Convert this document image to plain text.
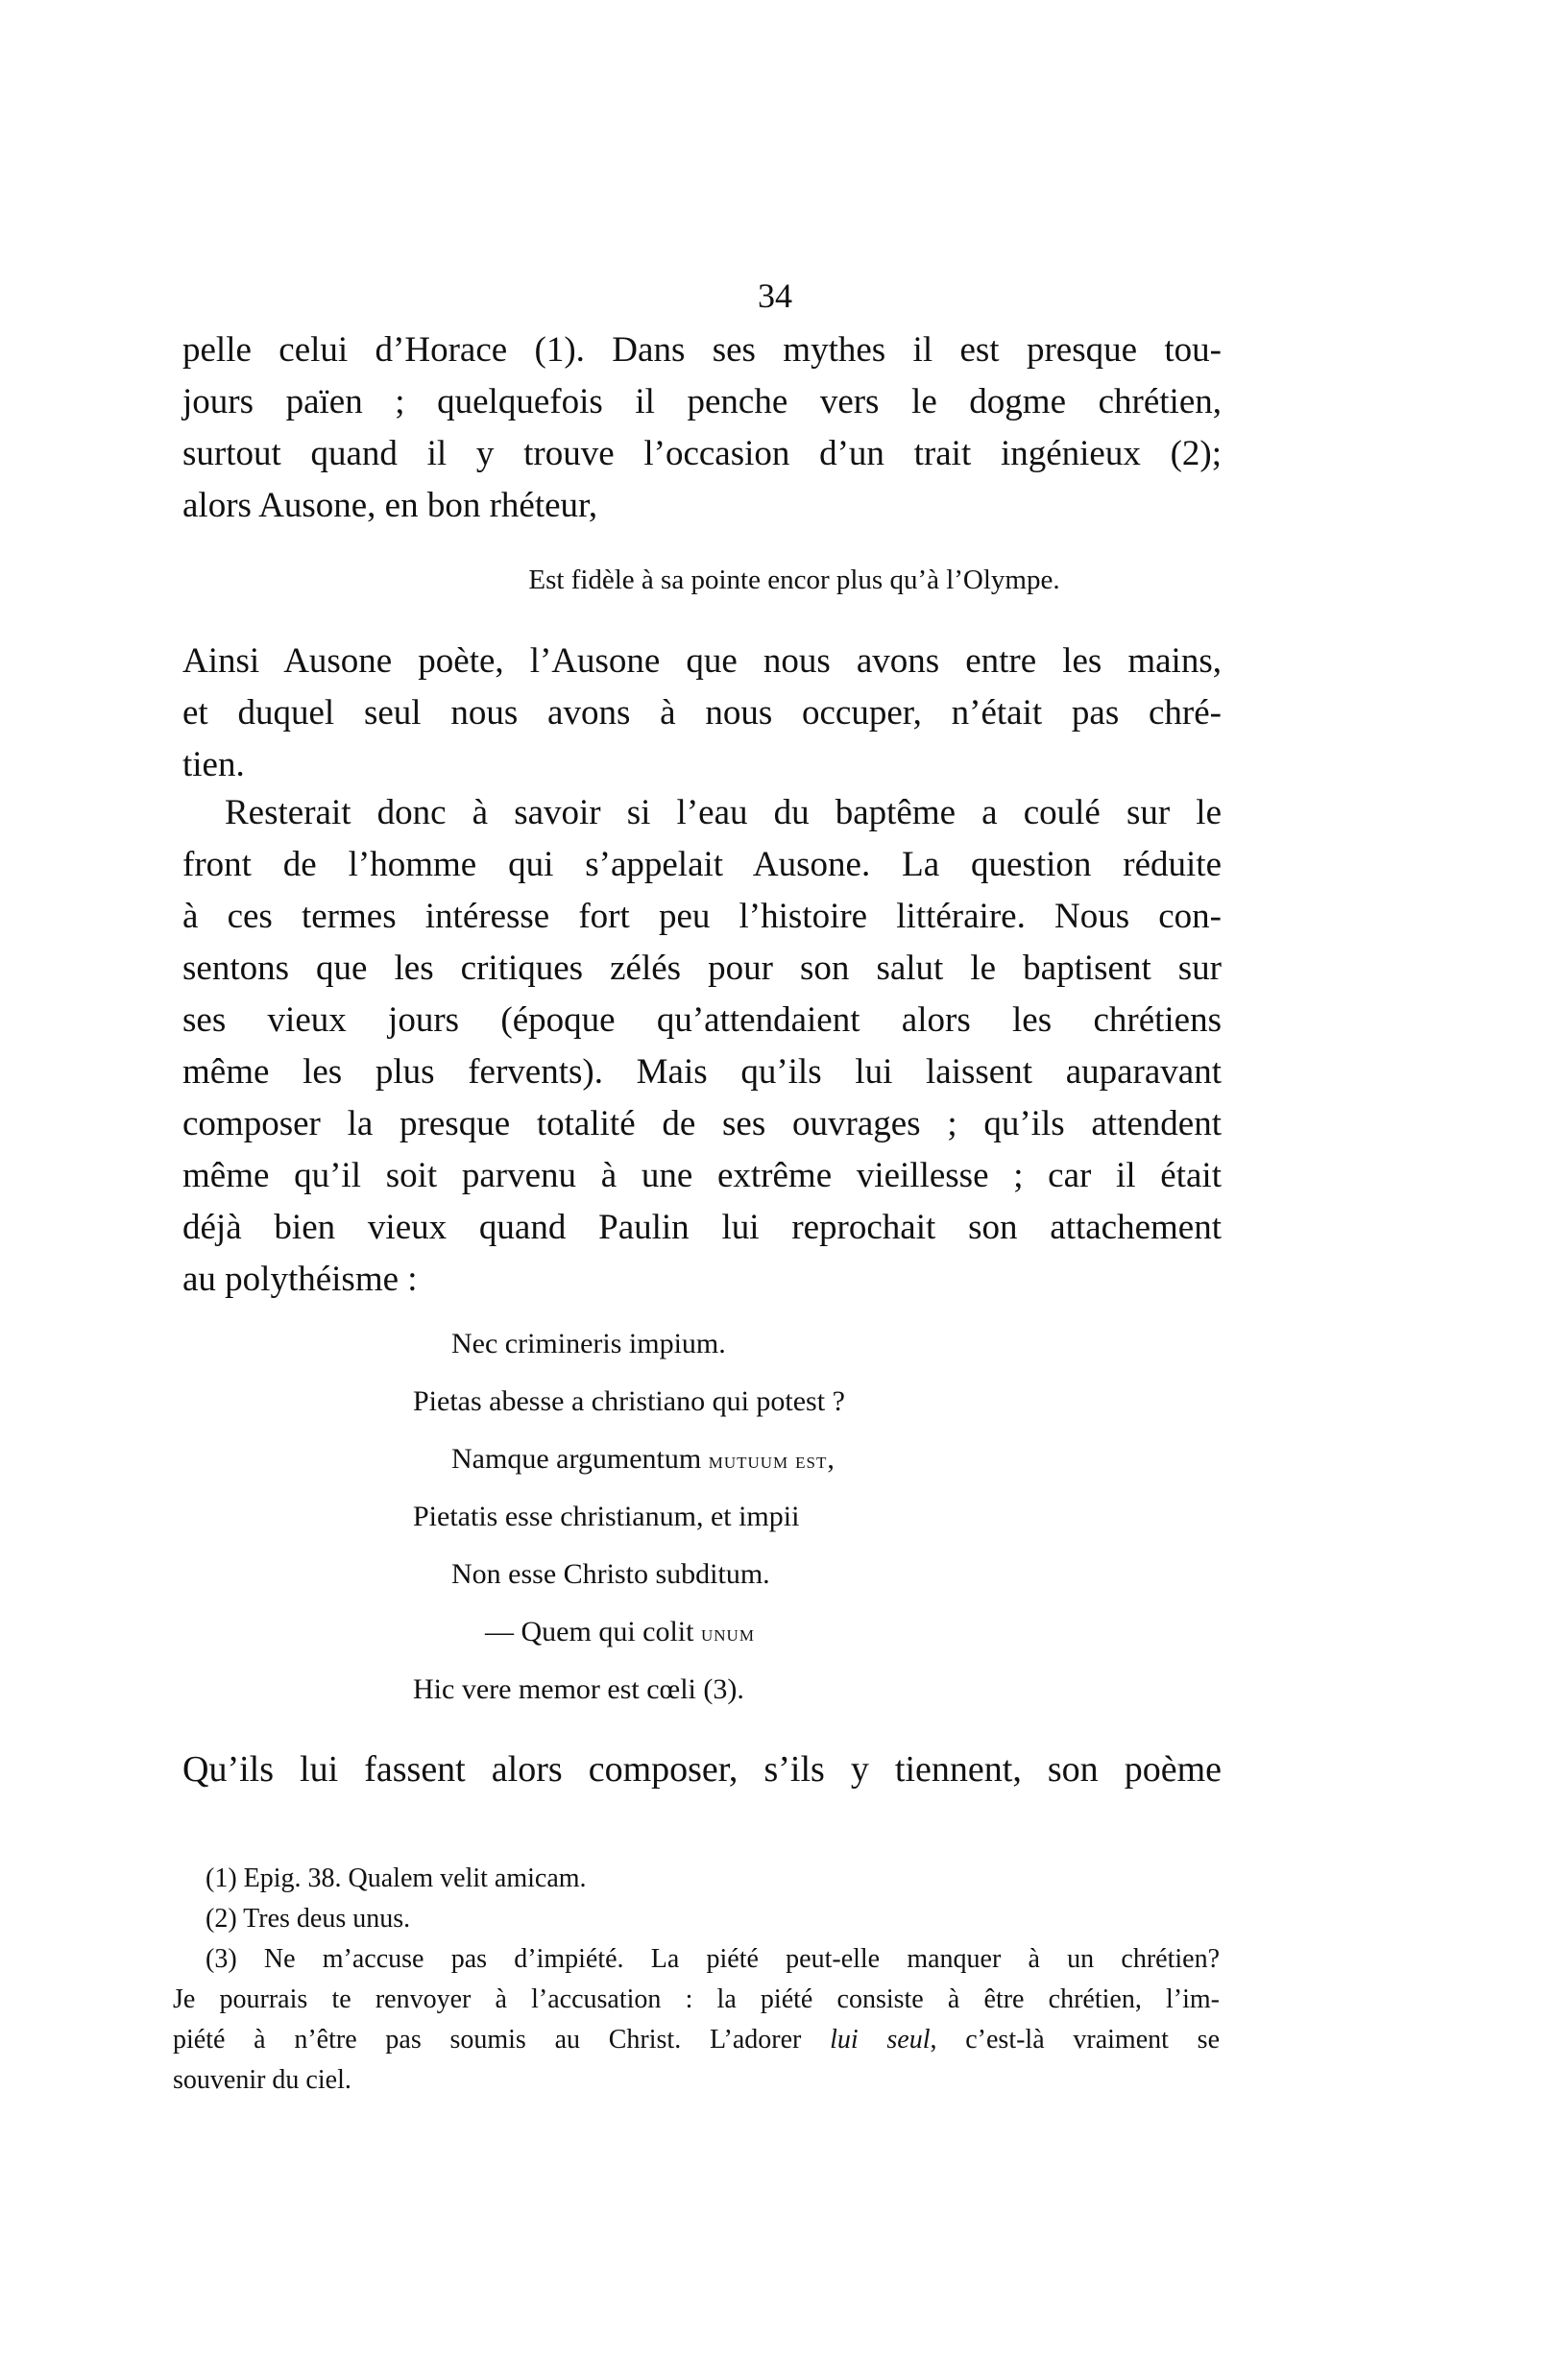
34
pelle celui d’Horace (1). Dans ses mythes il est presque tou-
jours païen ; quelquefois il penche vers le dogme chrétien,
surtout quand il y trouve l’occasion d’un trait ingénieux (2);
alors Ausone, en bon rhéteur,
Est fidèle à sa pointe encor plus qu’à l’Olympe.
Ainsi Ausone poète, l’Ausone que nous avons entre les mains,
et duquel seul nous avons à nous occuper, n’était pas chré-
tien.
Resterait donc à savoir si l’eau du baptême a coulé sur le
front de l’homme qui s’appelait Ausone. La question réduite
à ces termes intéresse fort peu l’histoire littéraire. Nous con-
sentons que les critiques zélés pour son salut le baptisent sur
ses vieux jours (époque qu’attendaient alors les chrétiens
même les plus fervents). Mais qu’ils lui laissent auparavant
composer la presque totalité de ses ouvrages ; qu’ils attendent
même qu’il soit parvenu à une extrême vieillesse ; car il était
déjà bien vieux quand Paulin lui reprochait son attachement
au polythéisme :
Nec crimineris impium.
Pietas abesse a christiano qui potest ?
Namque argumentum mutuum est,
Pietatis esse christianum, et impii
Non esse Christo subditum.
— Quem qui colit unum
Hic vere memor est cœli (3).
Qu’ils lui fassent alors composer, s’ils y tiennent, son poème
(1) Epig. 38. Qualem velit amicam.
(2) Tres deus unus.
(3) Ne m’accuse pas d’impiété. La piété peut-elle manquer à un chrétien?
Je pourrais te renvoyer à l’accusation : la piété consiste à être chrétien, l’im-
piété à n’être pas soumis au Christ. L’adorer lui seul, c’est-là vraiment se
souvenir du ciel.
